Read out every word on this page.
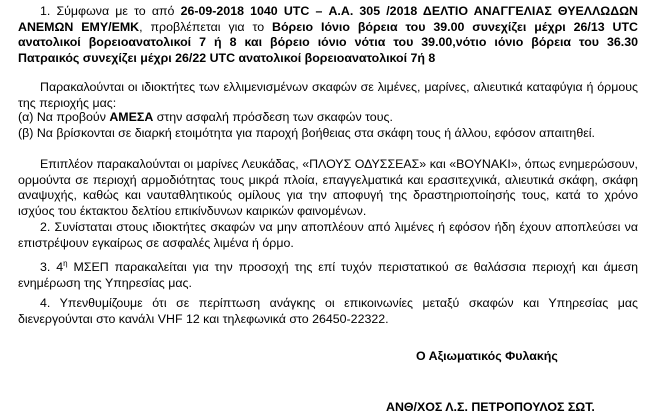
1. Σύμφωνα με το από 26-09-2018 1040 UTC – Α.Α. 305 /2018 ΔΕΛΤΙΟ ΑΝΑΓΓΕΛΙΑΣ ΘΥΕΛΛΩΔΩΝ ΑΝΕΜΩΝ ΕΜΥ/ΕΜΚ, προβλέπεται για το Βόρειο Ιόνιο βόρεια του 39.00 συνεχίζει μέχρι 26/13 UTC ανατολικοί βορειοανατολικοί 7 ή 8 και βόρειο ιόνιο νότια του 39.00,νότιο ιόνιο βόρεια του 36.30 Πατραικός συνεχίζει μέχρι 26/22 UTC ανατολικοί βορειοανατολικοί 7ή 8
Παρακαλούνται οι ιδιοκτήτες των ελλιμενισμένων σκαφών σε λιμένες, μαρίνες, αλιευτικά καταφύγια ή όρμους της περιοχής μας:
(α) Να προβούν ΑΜΕΣΑ στην ασφαλή πρόσδεση των σκαφών τους.
(β) Να βρίσκονται σε διαρκή ετοιμότητα για παροχή βοήθειας στα σκάφη τους ή άλλου, εφόσον απαιτηθεί.
Επιπλέον παρακαλούνται οι μαρίνες Λευκάδας, «ΠΛΟΥΣ ΟΔΥΣΣΕΑΣ» και «ΒΟΥΝΑΚΙ», όπως ενημερώσουν, ορμούντα σε περιοχή αρμοδιότητας τους μικρά πλοία, επαγγελματικά και ερασιτεχνικά, αλιευτικά σκάφη, σκάφη αναψυχής, καθώς και ναυταθλητικούς ομίλους για την αποφυγή της δραστηριοποίησής τους, κατά το χρόνο ισχύος του έκτακτου δελτίου επικίνδυνων καιρικών φαινομένων.
2. Συνίσταται στους ιδιοκτήτες σκαφών να μην αποπλέουν από λιμένες ή εφόσον ήδη έχουν αποπλεύσει να επιστρέψουν εγκαίρως σε ασφαλές λιμένα ή όρμο.
3. $4^\eta$ ΜΣΕΠ παρακαλείται για την προσοχή της επί τυχόν περιστατικού σε θαλάσσια περιοχή και άμεση ενημέρωση της Υπηρεσίας μας.
4. Υπενθυμίζουμε ότι σε περίπτωση ανάγκης οι επικοινωνίες μεταξύ σκαφών και Υπηρεσίας μας διενεργούνται στο κανάλι VHF 12 και τηλεφωνικά στο 26450-22322.
Ο Αξιωματικός Φυλακής
ΑΝΘ/ΧΟΣ Λ.Σ. ΠΕΤΡΟΠΟΥΛΟΣ ΣΩΤ.
